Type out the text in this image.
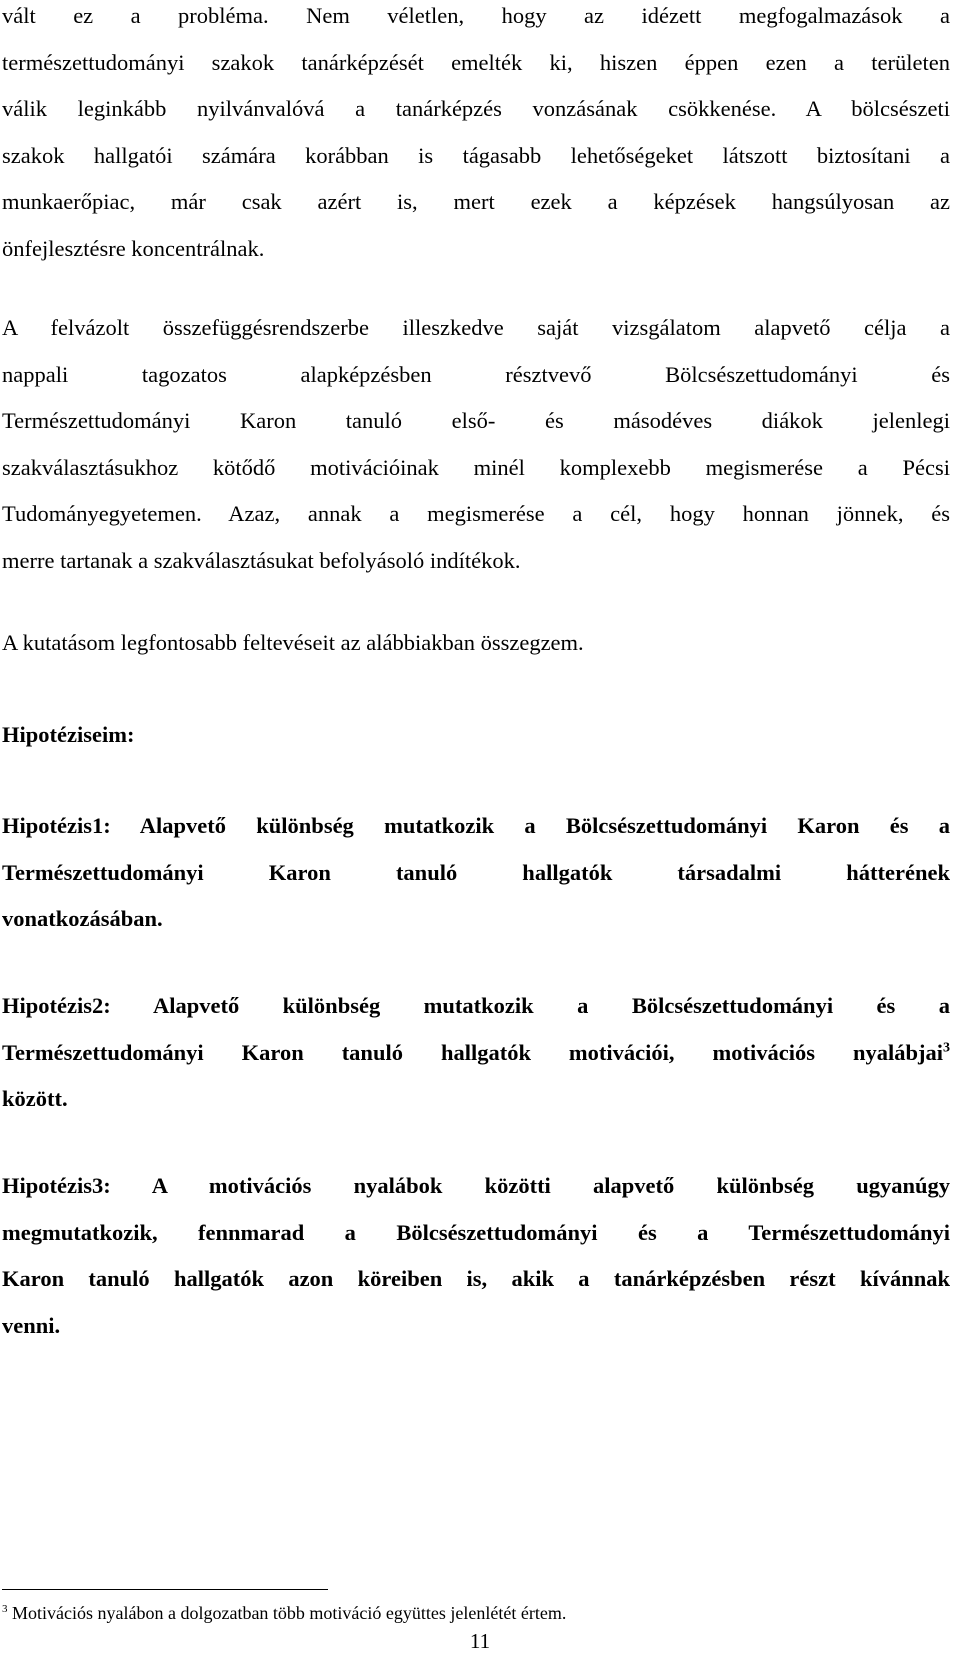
vált ez a probléma. Nem véletlen, hogy az idézett megfogalmazások a
természettudományi szakok tanárképzését emelték ki, hiszen éppen ezen a területen
válik leginkább nyilvánvalóvá a tanárképzés vonzásának csökkenése. A bölcsészeti
szakok hallgatói számára korábban is tágasabb lehetőségeket látszott biztosítani a
munkaerőpiac, már csak azért is, mert ezek a képzések hangsúlyosan az
önfejlesztésre koncentrálnak.
A felvázolt összefüggésrendszerbe illeszkedve saját vizsgálatom alapvető célja a
nappali tagozatos alapképzésben résztvevő Bölcsészettudományi és
Természettudományi Karon tanuló első- és másodéves diákok jelenlegi
szakválasztásukhoz kötődő motivációinak minél komplexebb megismerése a Pécsi
Tudományegyetemen. Azaz, annak a megismerése a cél, hogy honnan jönnek, és
merre tartanak a szakválasztásukat befolyásoló indítékok.
A kutatásom legfontosabb feltevéseit az alábbiakban összegzem.
Hipotéziseim:
Hipotézis1: Alapvető különbség mutatkozik a Bölcsészettudományi Karon és a
Természettudományi Karon tanuló hallgatók társadalmi hátterének
vonatkozásában.
Hipotézis2: Alapvető különbség mutatkozik a Bölcsészettudományi és a
Természettudományi Karon tanuló hallgatók motivációi, motivációs nyalábjai$^3$
között.
Hipotézis3: A motivációs nyalábok közötti alapvető különbség ugyanúgy
megmutatkozik, fennmarad a Bölcsészettudományi és a Természettudományi
Karon tanuló hallgatók azon köreiben is, akik a tanárképzésben részt kívánnak
venni.
$^3$ Motivációs nyalábon a dolgozatban több motiváció együttes jelenlétét értem.
11
